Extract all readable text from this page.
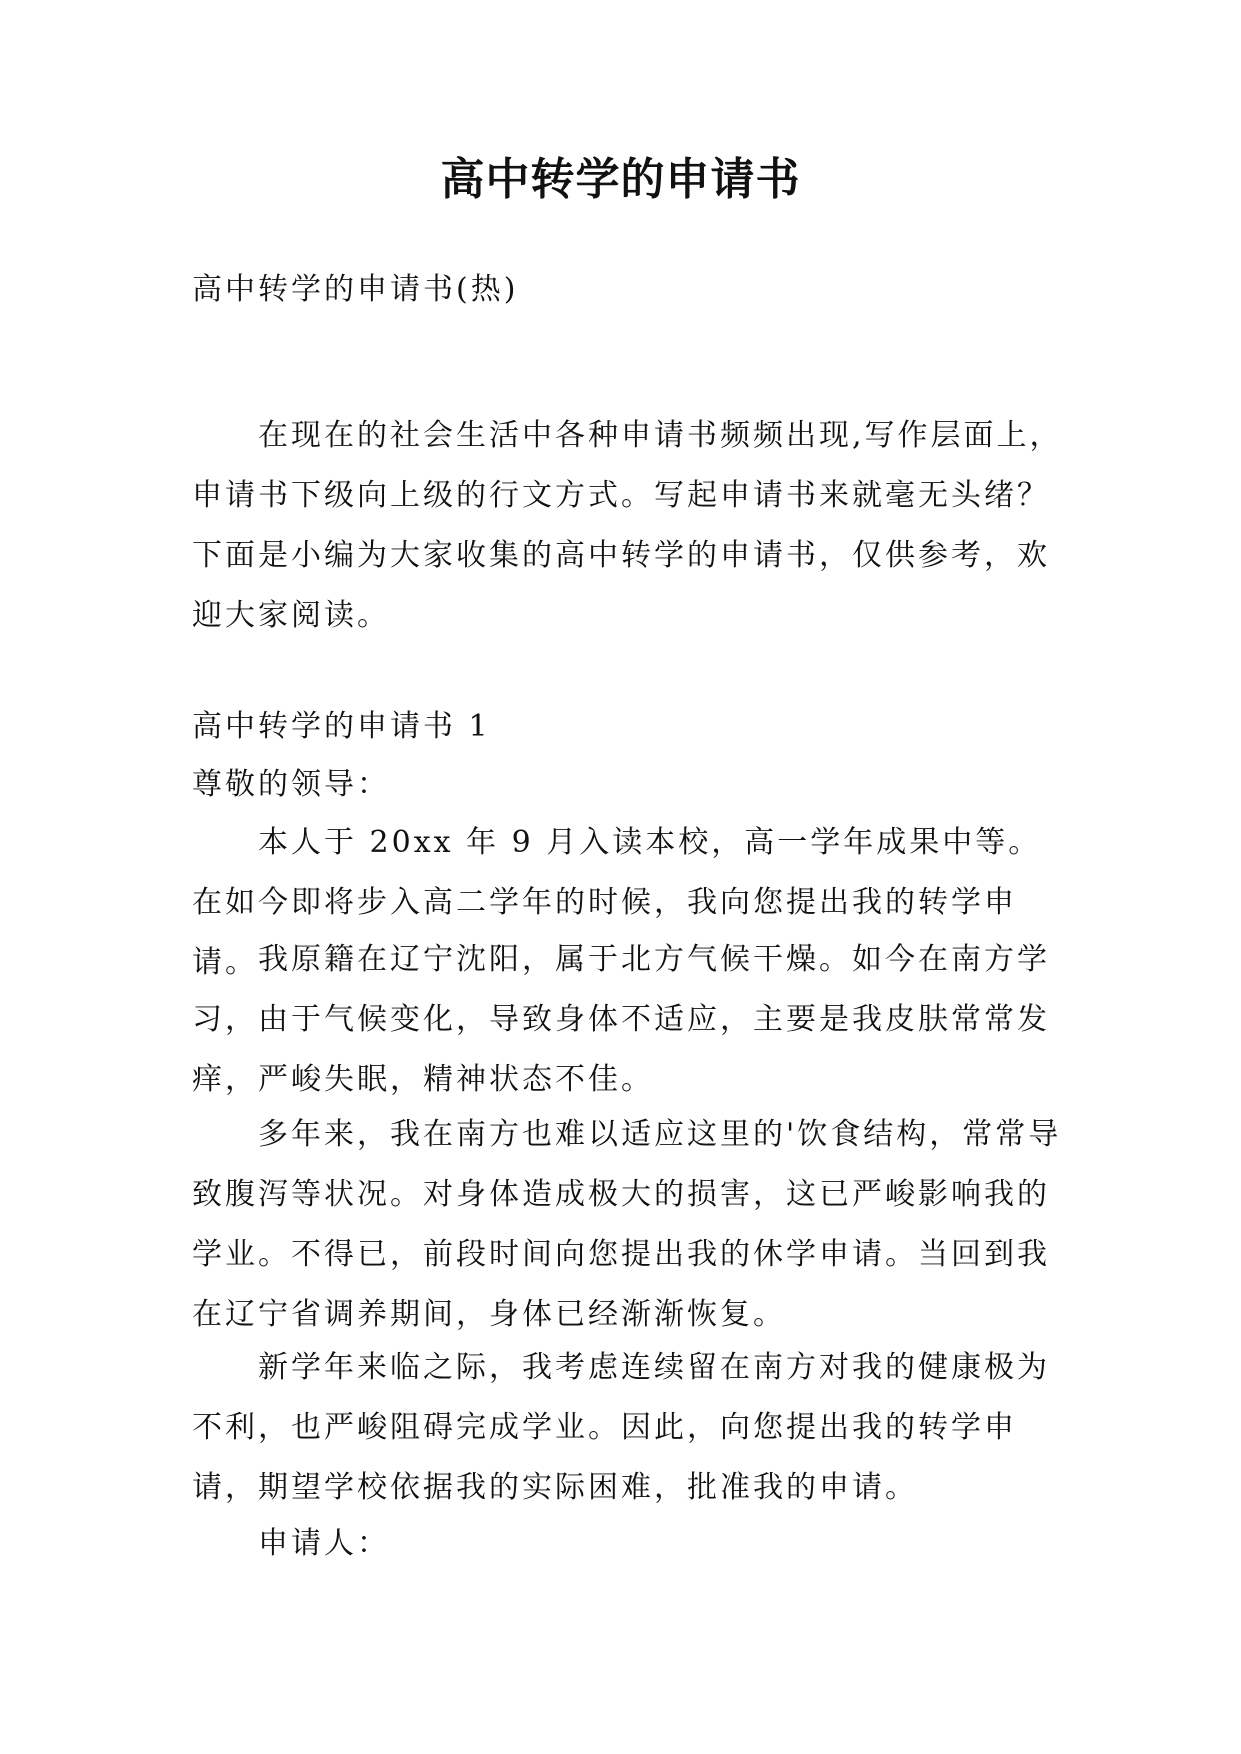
高中转学的申请书

高中转学的申请书(热)

在现在的社会生活中各种申请书频频出现,写作层面上，申请书下级向上级的行文方式。写起申请书来就毫无头绪？下面是小编为大家收集的高中转学的申请书，仅供参考，欢迎大家阅读。

高中转学的申请书 1

尊敬的领导：

本人于 20xx 年 9 月入读本校，高一学年成果中等。在如今即将步入高二学年的时候，我向您提出我的转学申请。 我原籍在辽宁沈阳，属于北方气候干燥。如今在南方学习，由于气候变化，导致身体不适应，主要是我皮肤常常发痒，严峻失眠，精神状态不佳。

多年来，我在南方也难以适应这里的'饮食结构，常常导致腹泻等状况。对身体造成极大的损害，这已严峻影响我的学业。不得已，前段时间向您提出我的休学申请。当回到我在辽宁省调养期间，身体已经渐渐恢复。

新学年来临之际，我考虑连续留在南方对我的健康极为不利，也严峻阻碍完成学业。因此，向您提出我的转学申请，期望学校依据我的实际困难，批准我的申请。

申请人：
